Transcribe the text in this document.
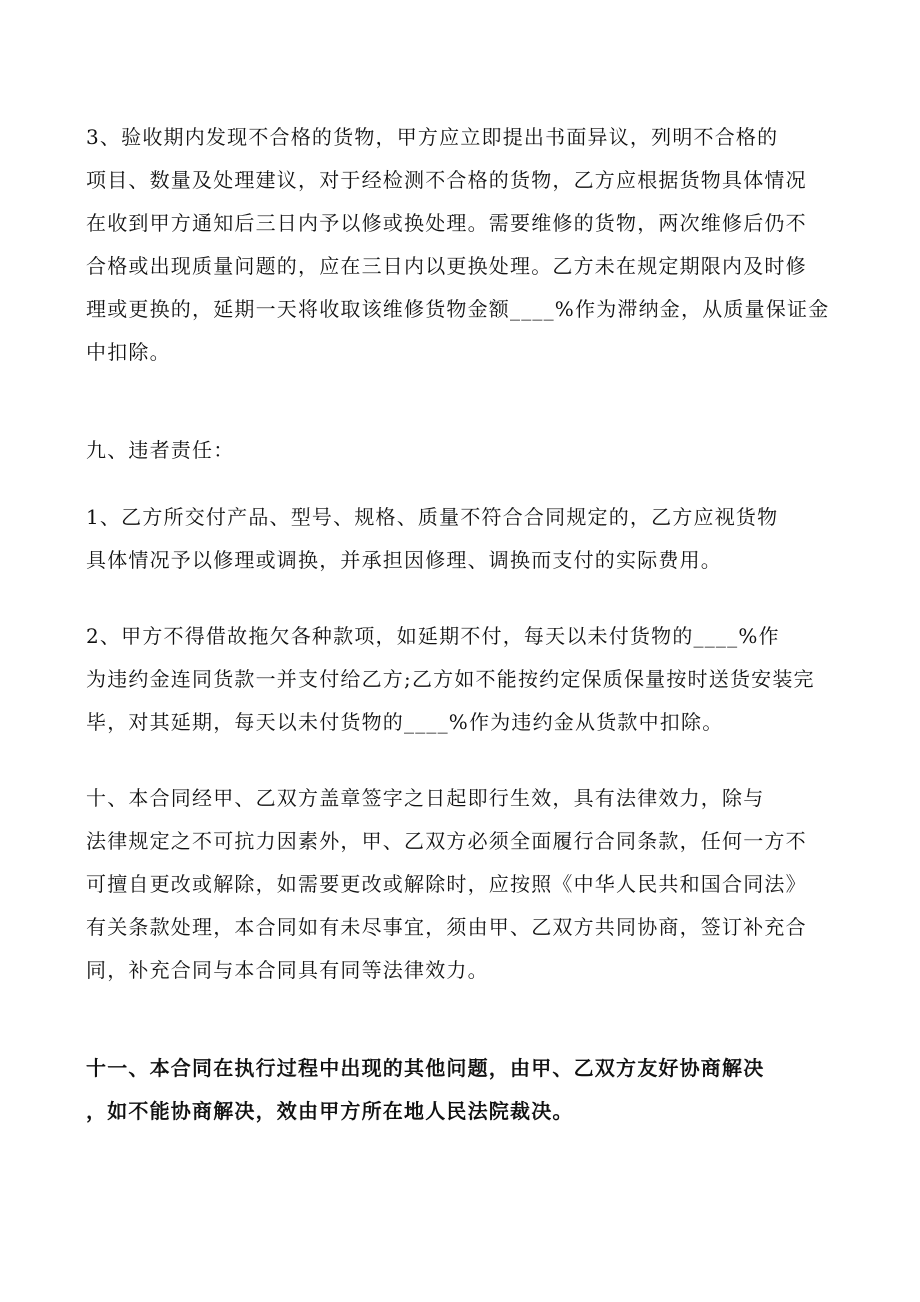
3、验收期内发现不合格的货物，甲方应立即提出书面异议，列明不合格的
项目、数量及处理建议，对于经检测不合格的货物，乙方应根据货物具体情况
在收到甲方通知后三日内予以修或换处理。需要维修的货物，两次维修后仍不
合格或出现质量问题的，应在三日内以更换处理。乙方未在规定期限内及时修
理或更换的，延期一天将收取该维修货物金额____%作为滞纳金，从质量保证金
中扣除。
九、违者责任：
1、乙方所交付产品、型号、规格、质量不符合合同规定的，乙方应视货物
具体情况予以修理或调换，并承担因修理、调换而支付的实际费用。
2、甲方不得借故拖欠各种款项，如延期不付，每天以未付货物的____%作
为违约金连同货款一并支付给乙方;乙方如不能按约定保质保量按时送货安装完
毕，对其延期，每天以未付货物的____%作为违约金从货款中扣除。
十、本合同经甲、乙双方盖章签字之日起即行生效，具有法律效力，除与
法律规定之不可抗力因素外，甲、乙双方必须全面履行合同条款，任何一方不
可擅自更改或解除，如需要更改或解除时，应按照《中华人民共和国合同法》
有关条款处理，本合同如有未尽事宜，须由甲、乙双方共同协商，签订补充合
同，补充合同与本合同具有同等法律效力。
十一、本合同在执行过程中出现的其他问题，由甲、乙双方友好协商解决
，如不能协商解决，效由甲方所在地人民法院裁决。
